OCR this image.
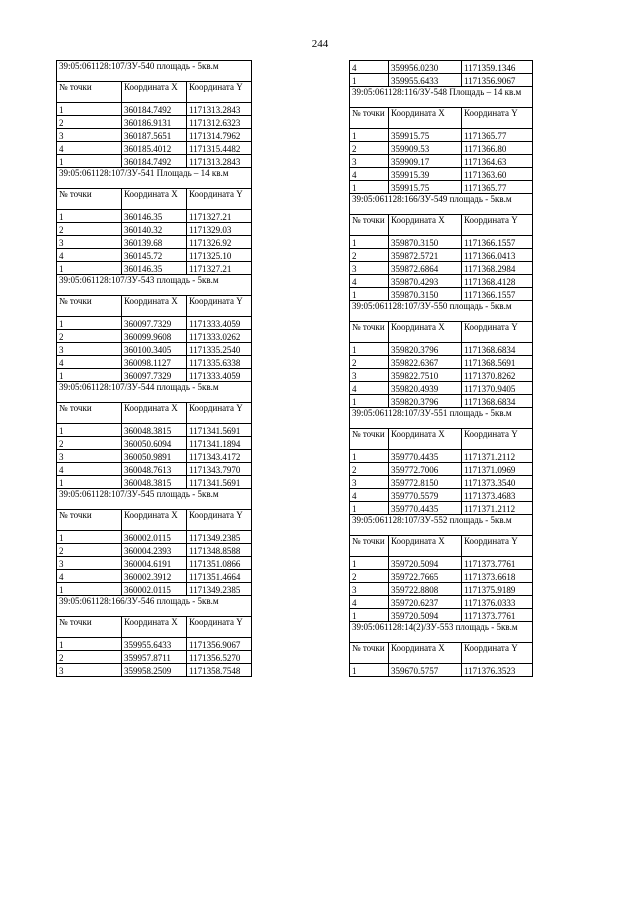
244
39:05:061128:107/ЗУ-540 площадь - 5кв.м		
№ точки	Координата X	Координата Y
1	360184.7492	1171313.2843
2	360186.9131	1171312.6323
3	360187.5651	1171314.7962
4	360185.4012	1171315.4482
1	360184.7492	1171313.2843
39:05:061128:107/ЗУ-541 Площадь – 14 кв.м		
№ точки	Координата X	Координата Y
1	360146.35	1171327.21
2	360140.32	1171329.03
3	360139.68	1171326.92
4	360145.72	1171325.10
1	360146.35	1171327.21
39:05:061128:107/ЗУ-543 площадь - 5кв.м		
№ точки	Координата X	Координата Y
1	360097.7329	1171333.4059
2	360099.9608	1171333.0262
3	360100.3405	1171335.2540
4	360098.1127	1171335.6338
1	360097.7329	1171333.4059
39:05:061128:107/ЗУ-544 площадь - 5кв.м		
№ точки	Координата X	Координата Y
1	360048.3815	1171341.5691
2	360050.6094	1171341.1894
3	360050.9891	1171343.4172
4	360048.7613	1171343.7970
1	360048.3815	1171341.5691
39:05:061128:107/ЗУ-545 площадь - 5кв.м		
№ точки	Координата X	Координата Y
1	360002.0115	1171349.2385
2	360004.2393	1171348.8588
3	360004.6191	1171351.0866
4	360002.3912	1171351.4664
1	360002.0115	1171349.2385
39:05:061128:166/ЗУ-546 площадь - 5кв.м		
№ точки	Координата X	Координата Y
1	359955.6433	1171356.9067
2	359957.8711	1171356.5270
3	359958.2509	1171358.7548
4	359956.0230	1171359.1346
1	359955.6433	1171356.9067
39:05:061128:116/ЗУ-548 Площадь – 14 кв.м		
№ точки	Координата X	Координата Y
1	359915.75	1171365.77
2	359909.53	1171366.80
3	359909.17	1171364.63
4	359915.39	1171363.60
1	359915.75	1171365.77
39:05:061128:166/ЗУ-549 площадь - 5кв.м		
№ точки	Координата X	Координата Y
1	359870.3150	1171366.1557
2	359872.5721	1171366.0413
3	359872.6864	1171368.2984
4	359870.4293	1171368.4128
1	359870.3150	1171366.1557
39:05:061128:107/ЗУ-550 площадь - 5кв.м		
№ точки	Координата X	Координата Y
1	359820.3796	1171368.6834
2	359822.6367	1171368.5691
3	359822.7510	1171370.8262
4	359820.4939	1171370.9405
1	359820.3796	1171368.6834
39:05:061128:107/ЗУ-551 площадь - 5кв.м		
№ точки	Координата X	Координата Y
1	359770.4435	1171371.2112
2	359772.7006	1171371.0969
3	359772.8150	1171373.3540
4	359770.5579	1171373.4683
1	359770.4435	1171371.2112
39:05:061128:107/ЗУ-552 площадь - 5кв.м		
№ точки	Координата X	Координата Y
1	359720.5094	1171373.7761
2	359722.7665	1171373.6618
3	359722.8808	1171375.9189
4	359720.6237	1171376.0333
1	359720.5094	1171373.7761
39:05:061128:14(2)/ЗУ-553 площадь - 5кв.м		
№ точки	Координата X	Координата Y
1	359670.5757	1171376.3523
